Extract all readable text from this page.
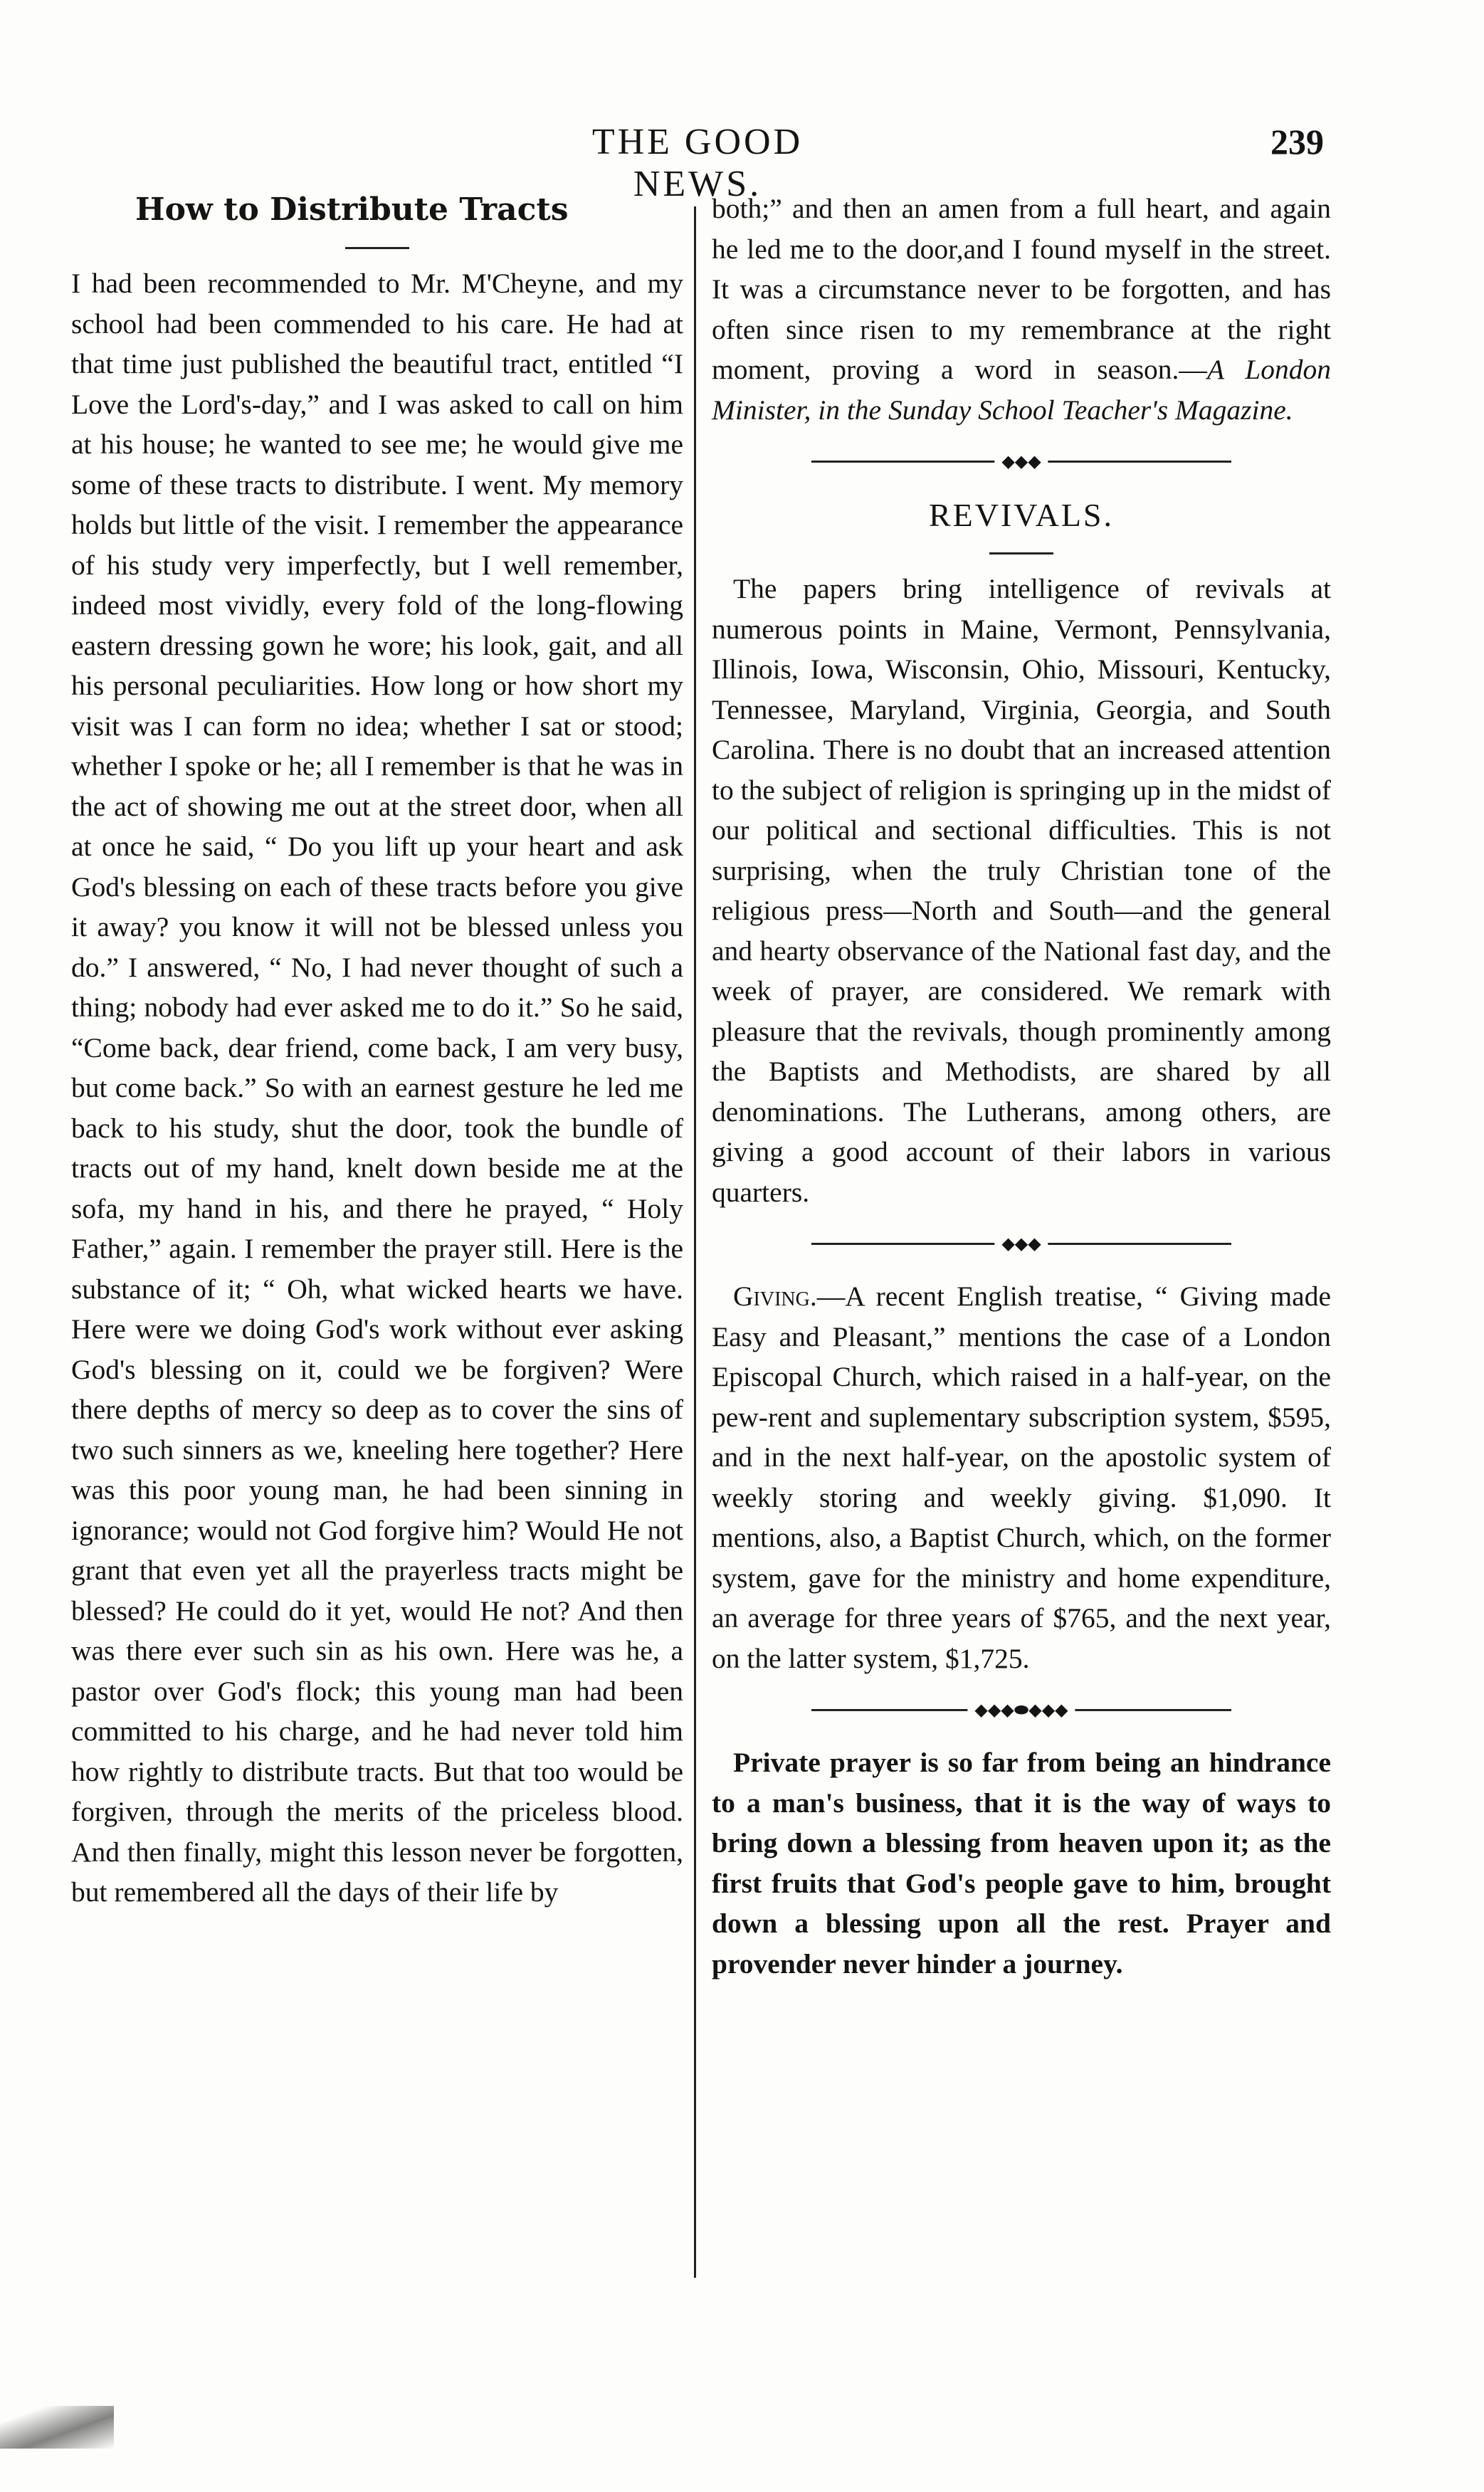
THE GOOD NEWS.
239
How to Distribute Tracts

I had been recommended to Mr. M'Cheyne, and my school had been commended to his care. He had at that time just published the beautiful tract, entitled “I Love the Lord's-day,” and I was asked to call on him at his house; he wanted to see me; he would give me some of these tracts to distribute. I went. My memory holds but little of the visit. I remember the appearance of his study very imperfectly, but I well remember, indeed most vividly, every fold of the long-flowing eastern dressing gown he wore; his look, gait, and all his personal peculiarities. How long or how short my visit was I can form no idea; whether I sat or stood; whether I spoke or he; all I remember is that he was in the act of showing me out at the street door, when all at once he said, “ Do you lift up your heart and ask God's blessing on each of these tracts before you give it away? you know it will not be blessed unless you do.” I answered, “ No, I had never thought of such a thing; nobody had ever asked me to do it.” So he said, “Come back, dear friend, come back, I am very busy, but come back.” So with an earnest gesture he led me back to his study, shut the door, took the bundle of tracts out of my hand, knelt down beside me at the sofa, my hand in his, and there he prayed, “ Holy Father,” again. I remember the prayer still. Here is the substance of it; “ Oh, what wicked hearts we have. Here were we doing God's work without ever asking God's blessing on it, could we be forgiven? Were there depths of mercy so deep as to cover the sins of two such sinners as we, kneeling here together? Here was this poor young man, he had been sinning in ignorance; would not God forgive him? Would He not grant that even yet all the prayerless tracts might be blessed? He could do it yet, would He not? And then was there ever such sin as his own. Here was he, a pastor over God's flock; this young man had been committed to his charge, and he had never told him how rightly to distribute tracts. But that too would be forgiven, through the merits of the priceless blood. And then finally, might this lesson never be forgotten, but remembered all the days of their life by

both;” and then an amen from a full heart, and again he led me to the door,and I found myself in the street. It was a circumstance never to be forgotten, and has often since risen to my remembrance at the right moment, proving a word in season.—A London Minister, in the Sunday School Teacher's Magazine.

◆◆◆
REVIVALS.

The papers bring intelligence of revivals at numerous points in Maine, Vermont, Pennsylvania, Illinois, Iowa, Wisconsin, Ohio, Missouri, Kentucky, Tennessee, Maryland, Virginia, Georgia, and South Carolina. There is no doubt that an increased attention to the subject of religion is springing up in the midst of our political and sectional difficulties. This is not surprising, when the truly Christian tone of the religious press—North and South—and the general and hearty observance of the National fast day, and the week of prayer, are considered. We remark with pleasure that the revivals, though prominently among the Baptists and Methodists, are shared by all denominations. The Lutherans, among others, are giving a good account of their labors in various quarters.

◆◆◆

Giving.—A recent English treatise, “ Giving made Easy and Pleasant,” mentions the case of a London Episcopal Church, which raised in a half-year, on the pew-rent and suplementary subscription system, $595, and in the next half-year, on the apostolic system of weekly storing and weekly giving. $1,090. It mentions, also, a Baptist Church, which, on the former system, gave for the ministry and home expenditure, an average for three years of $765, and the next year, on the latter system, $1,725.

◆◆◆⬬◆◆◆

Private prayer is so far from being an hindrance to a man's business, that it is the way of ways to bring down a blessing from heaven upon it; as the first fruits that God's people gave to him, brought down a blessing upon all the rest. Prayer and provender never hinder a journey.
